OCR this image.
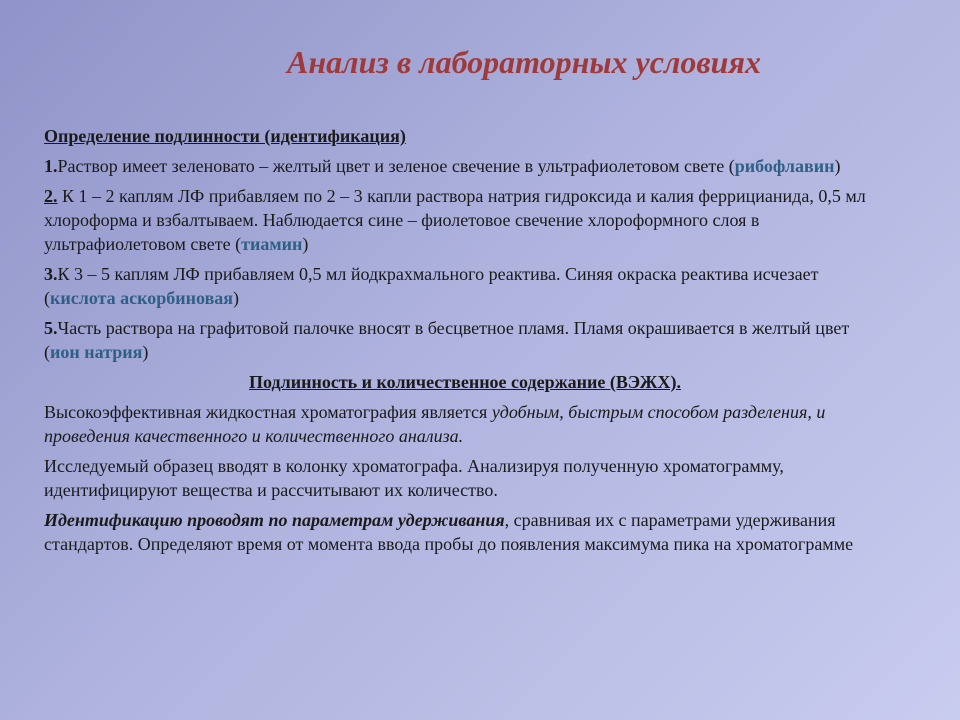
Анализ в лабораторных условиях

Определение подлинности (идентификация)

1.Раствор имеет зеленовато – желтый цвет и зеленое свечение в ультрафиолетовом свете (рибофлавин)

2. К 1 – 2 каплям ЛФ прибавляем по 2 – 3 капли раствора натрия гидроксида и калия феррицианида, 0,5 мл хлороформа и взбалтываем. Наблюдается сине – фиолетовое свечение хлороформного слоя в ультрафиолетовом свете (тиамин)

3.К 3 – 5 каплям ЛФ прибавляем 0,5 мл йодкрахмального реактива. Синяя окраска реактива исчезает (кислота аскорбиновая)

5.Часть раствора на графитовой палочке вносят в бесцветное пламя. Пламя окрашивается в желтый цвет (ион натрия)

Подлинность и количественное содержание (ВЭЖХ).

Высокоэффективная жидкостная хроматография является удобным, быстрым способом разделения, и проведения качественного и количественного анализа.

Исследуемый образец вводят в колонку хроматографа. Анализируя полученную хроматограмму, идентифицируют вещества и рассчитывают их количество.

Идентификацию проводят по параметрам удерживания, сравнивая их с параметрами удерживания стандартов. Определяют время от момента ввода пробы до появления максимума пика на хроматограмме
